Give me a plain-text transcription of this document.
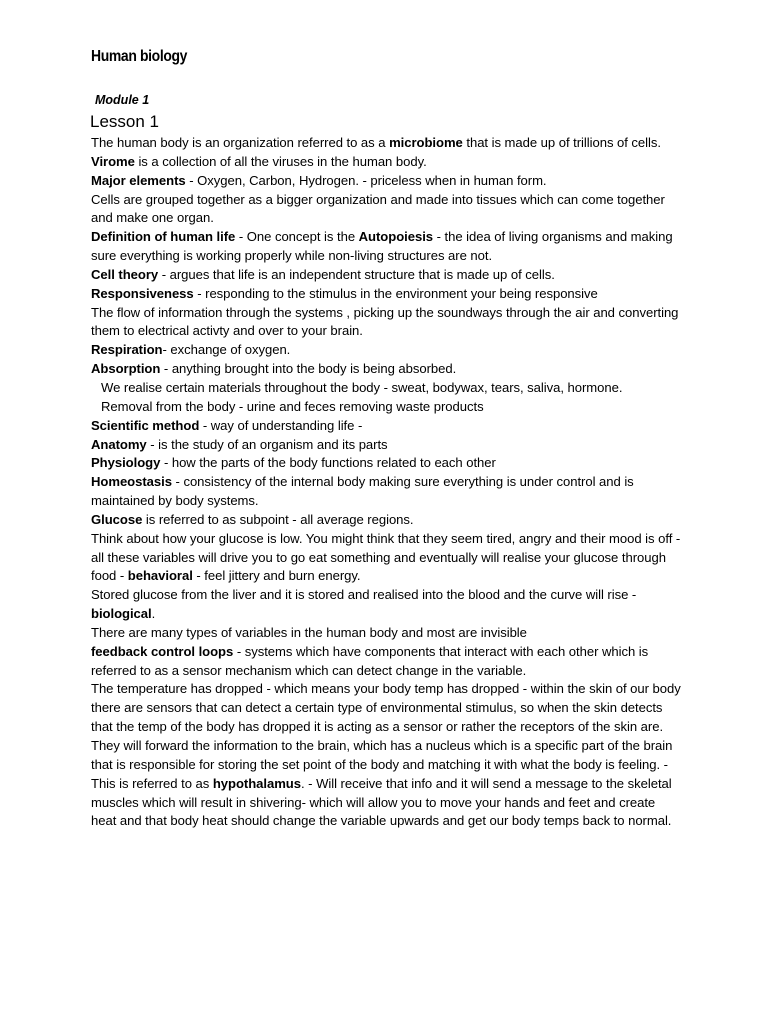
Human biology
Module 1
Lesson 1

The human body is an organization referred to as a microbiome that is made up of trillions of cells.

Virome is a collection of all the viruses in the human body.

Major elements - Oxygen, Carbon, Hydrogen. - priceless when in human form.

Cells are grouped together as a bigger organization and made into tissues which can come together and make one organ.

Definition of human life - One concept is the Autopoiesis - the idea of living organisms and making sure everything is working properly while non-living structures are not.

Cell theory - argues that life is an independent structure that is made up of cells.

Responsiveness - responding to the stimulus in the environment your being responsive

The flow of information through the systems , picking up the soundways through the air and converting them to electrical activty and over to your brain.

Respiration- exchange of oxygen.

Absorption - anything brought into the body is being absorbed.

We realise certain materials throughout the body - sweat, bodywax, tears, saliva, hormone.

Removal from the body - urine and feces removing waste products

Scientific method - way of understanding life -

Anatomy - is the study of an organism and its parts

Physiology - how the parts of the body functions related to each other

Homeostasis - consistency of the internal body making sure everything is under control and is maintained by body systems.

Glucose is referred to as subpoint - all average regions.

Think about how your glucose is low. You might think that they seem tired, angry and their mood is off - all these variables will drive you to go eat something and eventually will realise your glucose through food - behavioral - feel jittery and burn energy.

Stored glucose from the liver and it is stored and realised into the blood and the curve will rise - biological.

There are many types of variables in the human body and most are invisible

feedback control loops - systems which have components that interact with each other which is referred to as a sensor mechanism which can detect change in the variable.

The temperature has dropped - which means your body temp has dropped - within the skin of our body there are sensors that can detect a certain type of environmental stimulus, so when the skin detects that the temp of the body has dropped it is acting as a sensor or rather the receptors of the skin are.

They will forward the information to the brain, which has a nucleus which is a specific part of the brain that is responsible for storing the set point of the body and matching it with what the body is feeling. - This is referred to as hypothalamus. - Will receive that info and it will send a message to the skeletal muscles which will result in shivering- which will allow you to move your hands and feet and create heat and that body heat should change the variable upwards and get our body temps back to normal.
